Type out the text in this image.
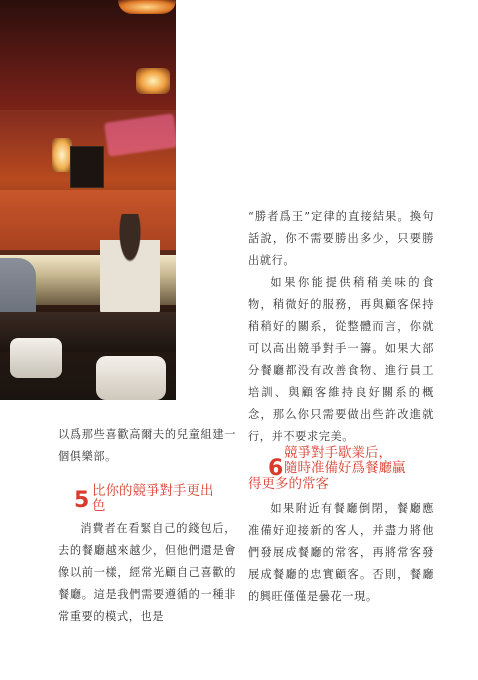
“勝者爲王”定律的直接結果。換句話說，你不需要勝出多少，只要勝出就行。

如果你能提供稍稍美味的食物，稍微好的服務，再與顧客保持稍稍好的關系，從整體而言，你就可以高出競爭對手一籌。如果大部分餐廳都没有改善食物、進行員工培訓、與顧客維持良好關系的概念，那么你只需要做出些許改進就行，并不要求完美。

以爲那些喜歡高爾夫的兒童組建一個俱樂部。

5 比你的競爭對手更出
色

消費者在看緊自己的錢包后，去的餐廳越來越少，但他們還是會像以前一樣，經常光顧自己喜歡的餐廳。這是我們需要遵循的一種非常重要的模式，也是

6
競爭對手歇業后，
隨時准備好爲餐廳贏
得更多的常客

如果附近有餐廳倒閉，餐廳應准備好迎接新的客人，并盡力將他們發展成餐廳的常客，再將常客發展成餐廳的忠實顧客。否則，餐廳的興旺僅僅是曇花一現。
